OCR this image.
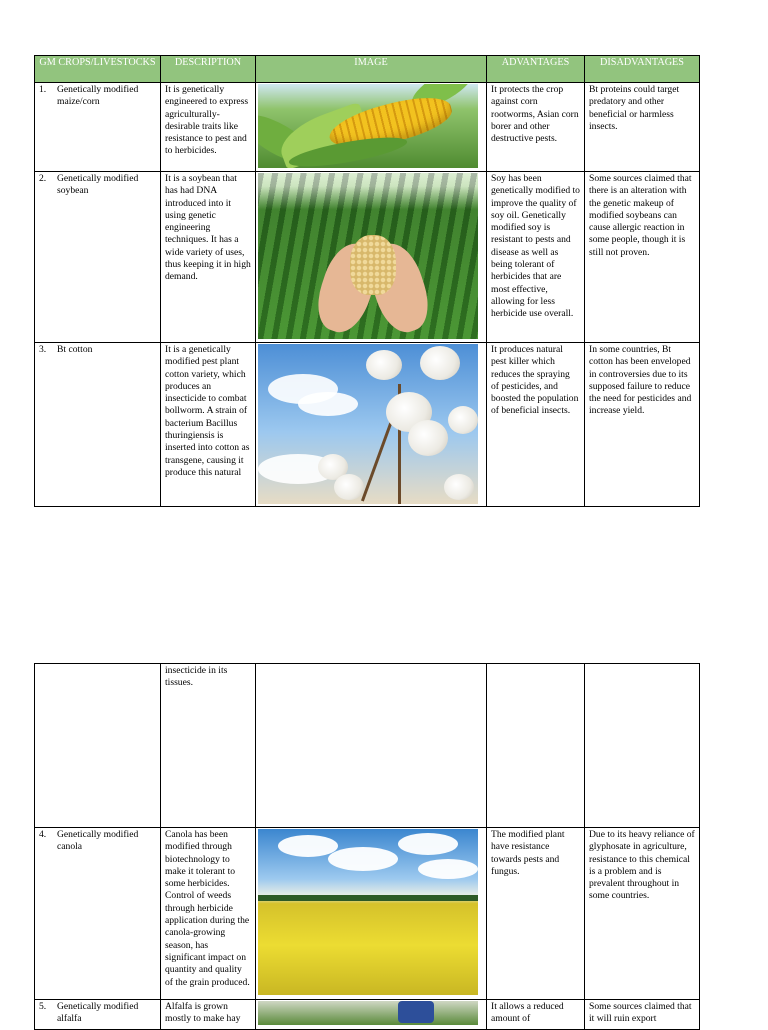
GM CROPS/LIVESTOCKS	DESCRIPTION	IMAGE	ADVANTAGES	DISADVANTAGES

1. Genetically modified maize/corn	It is genetically engineered to express agriculturally-desirable traits like resistance to pest and to herbicides.		It protects the crop against corn rootworms, Asian corn borer and other destructive pests.	Bt proteins could target predatory and other beneficial or harmless insects.

2. Genetically modified soybean	It is a soybean that has had DNA introduced into it using genetic engineering techniques. It has a wide variety of uses, thus keeping it in high demand.		Soy has been genetically modified to improve the quality of soy oil. Genetically modified soy is resistant to pests and disease as well as being tolerant of herbicides that are most effective, allowing for less herbicide use overall.	Some sources claimed that there is an alteration with the genetic makeup of modified soybeans can cause allergic reaction in some people, though it is still not proven.

3. Bt cotton	It is a genetically modified pest plant cotton variety, which produces an insecticide to combat bollworm. A strain of bacterium Bacillus thuringiensis is inserted into cotton as transgene, causing it produce this natural		It produces natural pest killer which reduces the spraying of pesticides, and boosted the population of beneficial insects.	In some countries, Bt cotton has been enveloped in controversies due to its supposed failure to reduce the need for pesticides and increase yield.
	insecticide in its tissues.			

4. Genetically modified canola	Canola has been modified through biotechnology to make it tolerant to some herbicides. Control of weeds through herbicide application during the canola-growing season, has significant impact on quantity and quality of the grain produced.		The modified plant have resistance towards pests and fungus.	Due to its heavy reliance of glyphosate in agriculture, resistance to this chemical is a problem and is prevalent throughout in some countries.

5. Genetically modified alfalfa	Alfalfa is grown mostly to make hay		It allows a reduced amount of	Some sources claimed that it will ruin export
